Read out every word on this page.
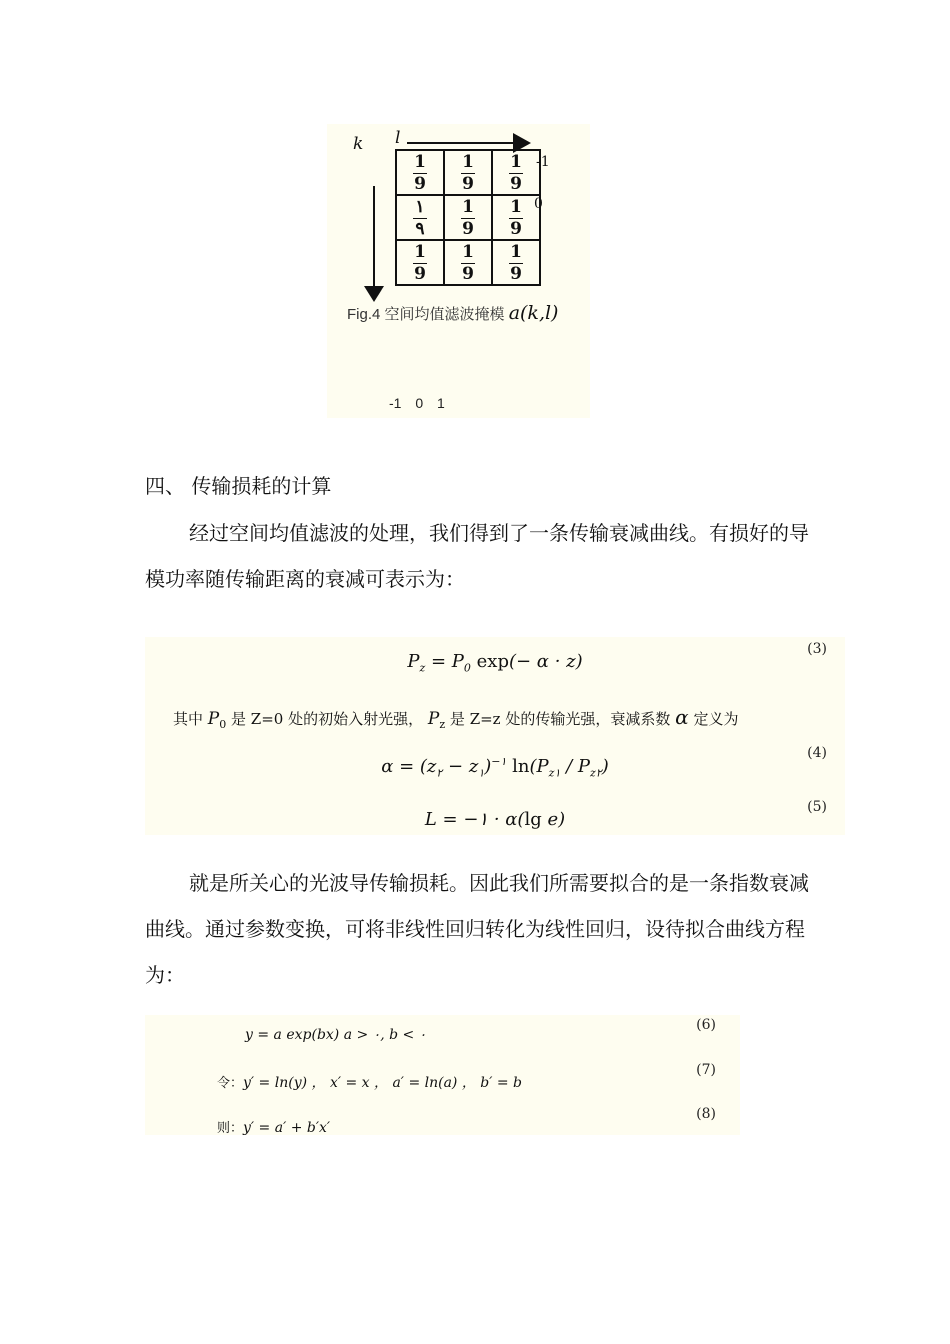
k l
$\frac{1}{9}$	$\frac{1}{9}$	$\frac{1}{9}$

$\frac{١}{٩}$	$\frac{1}{9}$	$\frac{1}{9}$

$\frac{1}{9}$	$\frac{1}{9}$	$\frac{1}{9}$
-1
0
Fig.4 空间均值滤波掩模 a(k,l)
-1 0 1
四、 传输损耗的计算
经过空间均值滤波的处理，我们得到了一条传输衰减曲线。有损好的导模功率随传输距离的衰减可表示为：
$P_z = P_0$ exp(− α · z)
(3)
其中 $P_0$ 是 Z=0 处的初始入射光强， $P_z$ 是 Z=z 处的传输光强，衰减系数 α 定义为
$\alpha = (z_٢ - z_١)^{-١}$ $\ln(P_{z١} / P_{z٢})$
(4)
L = −١ · α(lg e)
(5)
就是所关心的光波导传输损耗。因此我们所需要拟合的是一条指数衰减曲线。通过参数变换，可将非线性回归转化为线性回归，设待拟合曲线方程为：
y = a exp(bx) a > ٠, b < ٠
(6)
令：y′ = ln(y) ， x′ = x ， a′ = ln(a) ， b′ = b
(7)
则：y′ = a′ + b′x′
(8)
